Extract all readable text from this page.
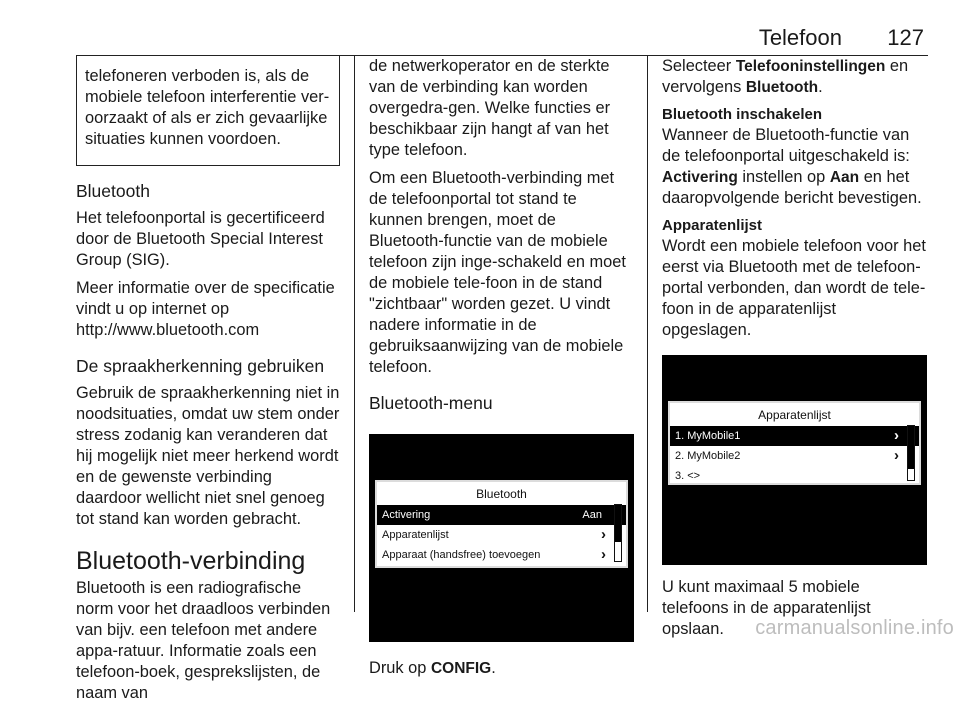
Telefoon 127

telefoneren verboden is, als de mobiele telefoon interferentie ver-oorzaakt of als er zich gevaarlijke situaties kunnen voordoen.

Bluetooth

Het telefoonportal is gecertificeerd door de Bluetooth Special Interest Group (SIG).

Meer informatie over de specificatie vindt u op internet op
http://www.bluetooth.com

De spraakherkenning gebruiken

Gebruik de spraakherkenning niet in noodsituaties, omdat uw stem onder stress zodanig kan veranderen dat hij mogelijk niet meer herkend wordt en de gewenste verbinding daardoor wellicht niet snel genoeg tot stand kan worden gebracht.

Bluetooth-verbinding

Bluetooth is een radiografische norm voor het draadloos verbinden van bijv. een telefoon met andere appa-ratuur. Informatie zoals een telefoon-boek, gesprekslijsten, de naam van

de netwerkoperator en de sterkte van de verbinding kan worden overgedra-gen. Welke functies er beschikbaar zijn hangt af van het type telefoon.

Om een Bluetooth-verbinding met de telefoonportal tot stand te kunnen brengen, moet de Bluetooth-functie van de mobiele telefoon zijn inge-schakeld en moet de mobiele tele-foon in de stand "zichtbaar" worden gezet. U vindt nadere informatie in de gebruiksaanwijzing van de mobiele telefoon.

Bluetooth-menu
Bluetooth
Activering	Aan
Apparatenlijst	›
Apparaat (handsfree) toevoegen	›

Druk op CONFIG.

Selecteer Telefooninstellingen en vervolgens Bluetooth.

Bluetooth inschakelen

Wanneer de Bluetooth-functie van de telefoonportal uitgeschakeld is: Activering instellen op Aan en het daaropvolgende bericht bevestigen.

Apparatenlijst

Wordt een mobiele telefoon voor het eerst via Bluetooth met de telefoon-portal verbonden, dan wordt de tele-foon in de apparatenlijst opgeslagen.

Apparatenlijst
1. MyMobile1	›
2. MyMobile2	›
3. <>

U kunt maximaal 5 mobiele telefoons in de apparatenlijst opslaan.	carmanualsonline.info
